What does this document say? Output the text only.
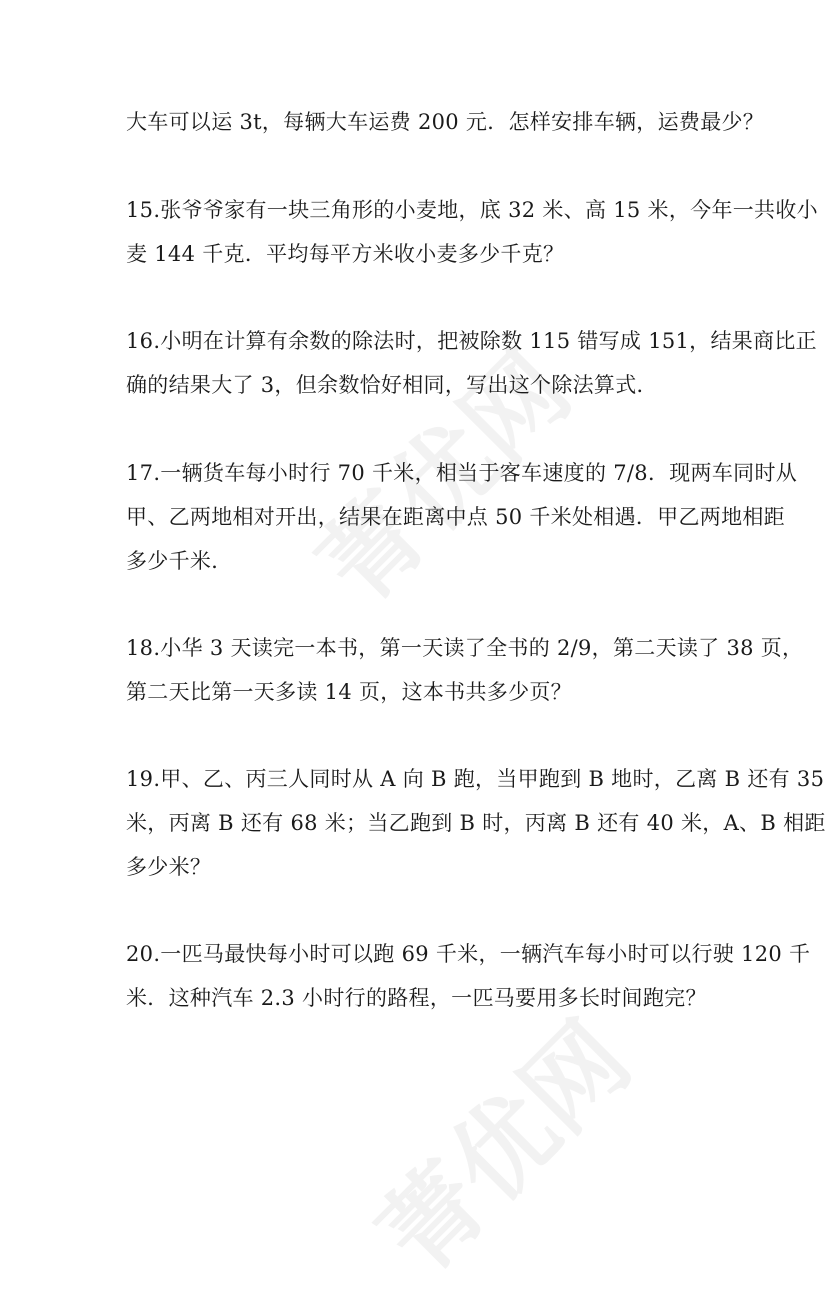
大车可以运 3t，每辆大车运费 200 元．怎样安排车辆，运费最少？
15.张爷爷家有一块三角形的小麦地，底 32 米、高 15 米，今年一共收小
麦 144 千克．平均每平方米收小麦多少千克？
16.小明在计算有余数的除法时，把被除数 115 错写成 151，结果商比正
确的结果大了 3，但余数恰好相同，写出这个除法算式．
17.一辆货车每小时行 70 千米，相当于客车速度的 7/8．现两车同时从
甲、乙两地相对开出，结果在距离中点 50 千米处相遇．甲乙两地相距
多少千米．
18.小华 3 天读完一本书，第一天读了全书的 2/9，第二天读了 38 页，
第二天比第一天多读 14 页，这本书共多少页？
19.甲、乙、丙三人同时从 A 向 B 跑，当甲跑到 B 地时，乙离 B 还有 35
米，丙离 B 还有 68 米；当乙跑到 B 时，丙离 B 还有 40 米，A、B 相距
多少米？
20.一匹马最快每小时可以跑 69 千米，一辆汽车每小时可以行驶 120 千
米．这种汽车 2.3 小时行的路程，一匹马要用多长时间跑完？
